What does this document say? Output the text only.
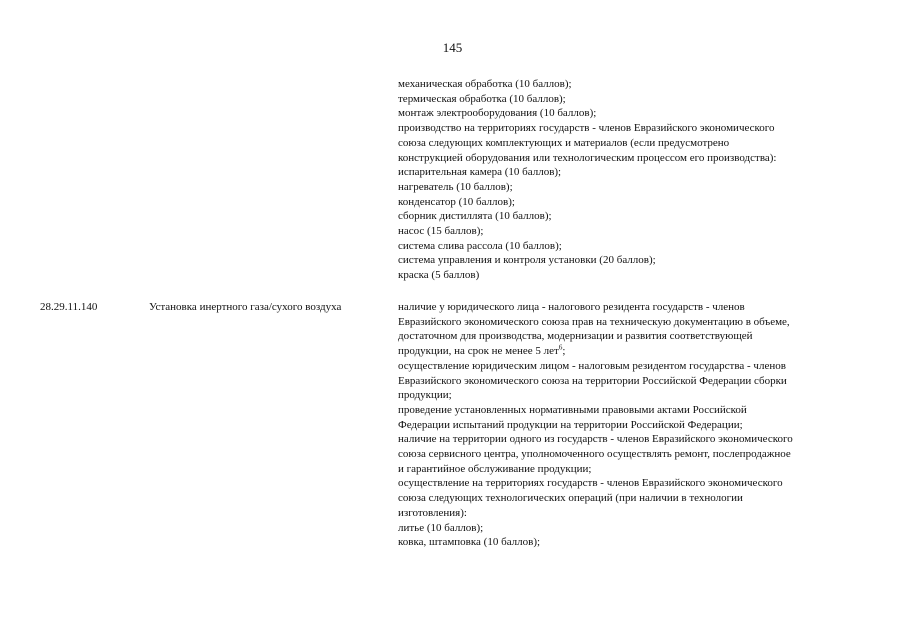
145
механическая обработка (10 баллов);
термическая обработка (10 баллов);
монтаж электрооборудования (10 баллов);
производство на территориях государств - членов Евразийского экономического
союза следующих комплектующих и материалов (если предусмотрено
конструкцией оборудования или технологическим процессом его производства):
испарительная камера (10 баллов);
нагреватель (10 баллов);
конденсатор (10 баллов);
сборник дистиллята (10 баллов);
насос (15 баллов);
система слива рассола (10 баллов);
система управления и контроля установки (20 баллов);
краска (5 баллов)
28.29.11.140	Установка инертного газа/сухого воздуха	наличие у юридического лица - налогового резидента государств - членов
Евразийского экономического союза прав на техническую документацию в объеме,
достаточном для производства, модернизации и развития соответствующей
продукции, на срок не менее 5 лет$^6$;
осуществление юридическим лицом - налоговым резидентом государства - членов
Евразийского экономического союза на территории Российской Федерации сборки
продукции;
проведение установленных нормативными правовыми актами Российской
Федерации испытаний продукции на территории Российской Федерации;
наличие на территории одного из государств - членов Евразийского экономического
союза сервисного центра, уполномоченного осуществлять ремонт, послепродажное
и гарантийное обслуживание продукции;
осуществление на территориях государств - членов Евразийского экономического
союза следующих технологических операций (при наличии в технологии
изготовления):
литье (10 баллов);
ковка, штамповка (10 баллов);
